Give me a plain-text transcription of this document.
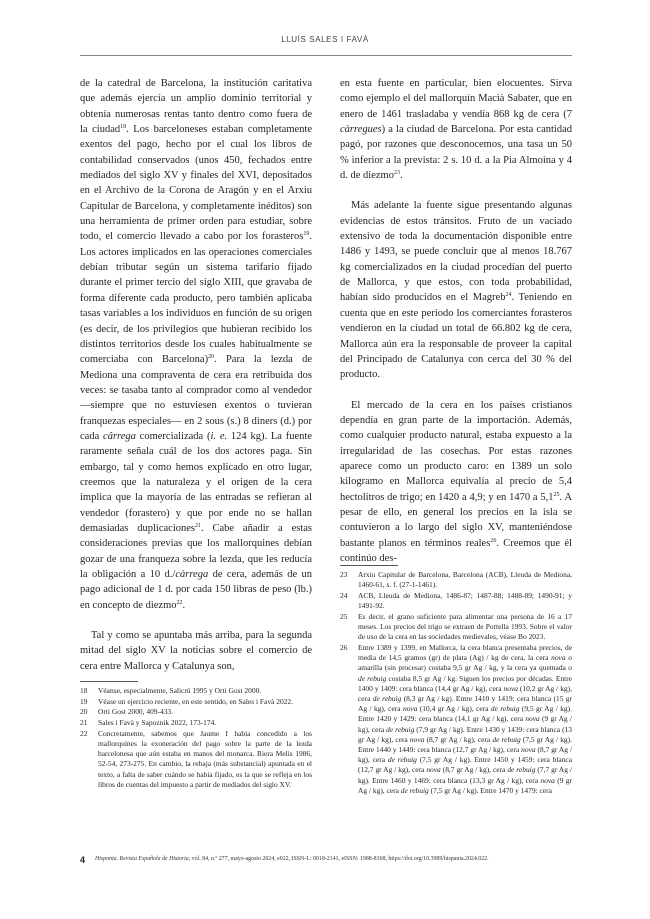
LLUÍS SALES I FAVÀ

de la catedral de Barcelona, la institución caritativa que además ejercía un amplio dominio territorial y obtenía numerosas rentas tanto dentro como fuera de la ciudad$^{18}$. Los barceloneses estaban completamente exentos del pago, hecho por el cual los libros de contabilidad conservados (unos 450, fechados entre mediados del siglo XV y finales del XVI, depositados en el Archivo de la Corona de Aragón y en el Arxiu Capitular de Barcelona, y completamente inéditos) son una herramienta de primer orden para estudiar, sobre todo, el comercio llevado a cabo por los forasteros$^{19}$. Los actores implicados en las operaciones comerciales debían tributar según un sistema tarifario fijado durante el primer tercio del siglo XIII, que gravaba de forma diferente cada producto, pero también aplicaba tasas variables a los individuos en función de su origen (es decir, de los privilegios que hubieran recibido los distintos territorios desde los cuales habitualmente se comerciaba con Barcelona)$^{20}$. Para la lezda de Mediona una compraventa de cera era retribuida dos veces: se tasaba tanto al comprador como al vendedor —siempre que no estuviesen exentos o tuvieran franquezas especiales— en 2 sous (s.) 8 diners (d.) por cada cârrega comercializada (i. e. 124 kg). La fuente raramente señala cuál de los dos actores paga. Sin embargo, tal y como hemos explicado en otro lugar, creemos que la naturaleza y el origen de la cera implica que la mayoría de las entradas se refieran al vendedor (forastero) y que por ende no se hallan demasiadas duplicaciones$^{21}$. Cabe añadir a estas consideraciones previas que los mallorquines debían gozar de una franqueza sobre la lezda, que les reducía la obligación a 10 d./càrrega de cera, además de un pago adicional de 1 d. por cada 150 libras de peso (lb.) en concepto de diezmo$^{22}$.

Tal y como se apuntaba más arriba, para la segunda mitad del siglo XV la noticias sobre el comercio de cera entre Mallorca y Catalunya son,

en esta fuente en particular, bien elocuentes. Sirva como ejemplo el del mallorquín Macià Sabater, que en enero de 1461 trasladaba y vendía 868 kg de cera (7 càrregues) a la ciudad de Barcelona. Por esta cantidad pagó, por razones que desconocemos, una tasa un 50 % inferior a la prevista: 2 s. 10 d. a la Pia Almoina y 4 d. de diezmo$^{23}$.

Más adelante la fuente sigue presentando algunas evidencias de estos tránsitos. Fruto de un vaciado extensivo de toda la documentación disponible entre 1486 y 1493, se puede concluir que al menos 18.767 kg comercializados en la ciudad procedían del puerto de Mallorca, y que estos, con toda probabilidad, habían sido producidos en el Magreb$^{24}$. Teniendo en cuenta que en este periodo los comerciantes forasteros vendieron en la ciudad un total de 66.802 kg de cera, Mallorca aún era la responsable de proveer la capital del Principado de Catalunya con cerca del 30 % del producto.

El mercado de la cera en los países cristianos dependía en gran parte de la importación. Además, como cualquier producto natural, estaba expuesto a la irregularidad de las cosechas. Por estas razones aparece como un producto caro: en 1389 un solo kilogramo en Mallorca equivalía al precio de 5,4 hectolitros de trigo; en 1420 a 4,9; y en 1470 a $5,1^{25}$. A pesar de ello, en general los precios en la isla se contuvieron a lo largo del siglo XV, manteniéndose bastante planos en términos reales$^{26}$. Creemos que él continúo des-

18	Véanse, especialmente, Salicrú 1995 y Orti Gost 2000.
19	Véase un ejercicio reciente, en este sentido, en Sales i Favà 2022.
20	Orti Gost 2000, 409-433.
21	Sales i Favà y Sapoznik 2022, 173-174.
22	Concretamente, sabemos que Jaume I había concedido a los mallorquines la exoneración del pago sobre la parte de la lezda barcelonesa que aún estaba en manos del monarca. Riera Melis 1986, 52-54, 273-275. En cambio, la rebaja (más substancial) apuntada en el texto, a falta de saber cuándo se había fijado, es la que se refleja en los libros de cuentas del impuesto a partir de mediados del siglo XV.
23	Arxiu Capitular de Barcelona, Barcelona (ACB), Lleuda de Mediona, 1460-61, s. f. (27-1-1461).
24	ACB, Lleuda de Mediona, 1486-87; 1487-88; 1488-89; 1490-91; y 1491-92.
25	Es decir, el grano suficiente para alimentar una persona de 16 a 17 meses. Los precios del trigo se extraen de Portella 1993. Sobre el valor de uso de la cera en las sociedades medievales, véase Bo 2023.
26	Entre 1389 y 1399, en Mallorca, la cera blanca presentaba precios, de media de 14,5 gramos (gr) de plata (Ag) / kg de cera, la cera nova o amarilla (sin procesar) costaba 9,5 gr Ag / kg, y la cera ya quemada o de rebuig costaba 8,5 gr Ag / kg. Siguen los precios por décadas. Entre 1400 y 1409: cera blanca (14,4 gr Ag / kg), cera nova (10,2 gr Ag / kg), cera de rebuig (8,3 gr Ag / kg). Entre 1410 y 1419: cera blanca (15 gr Ag / kg), cera nova (10,4 gr Ag / kg), cera de rebuig (9,5 gr Ag / kg). Entre 1420 y 1429: cera blanca (14,1 gr Ag / kg), cera nova (9 gr Ag / kg), cera de rebuig (7,9 gr Ag / kg). Entre 1430 y 1439: cera blanca (13 gr Ag / kg), cera nova (8,7 gr Ag / kg), cera de rebuig (7,5 gr Ag / kg). Entre 1440 y 1449: cera blanca (12,7 gr Ag / kg), cera nova (8,7 gr Ag / kg), cera de rebuig (7,5 gr Ag / kg). Entre 1450 y 1459: cera blanca (12,7 gr Ag / kg), cera nova (8,7 gr Ag / kg), cera de rebuig (7,7 gr Ag / kg). Entre 1460 y 1469: cera blanca (13,3 gr Ag / kg), cera nova (9 gr Ag / kg), cera de rebuig (7,5 gr Ag / kg). Entre 1470 y 1479: cera
4 Hispania. Revista Española de Historia, vol. 84, n.º 277, mayo-agosto 2024, e022, ISSN-L: 0018-2141, eISSN: 1988-8368, https://doi.org/10.3989/hispania.2024.022.
